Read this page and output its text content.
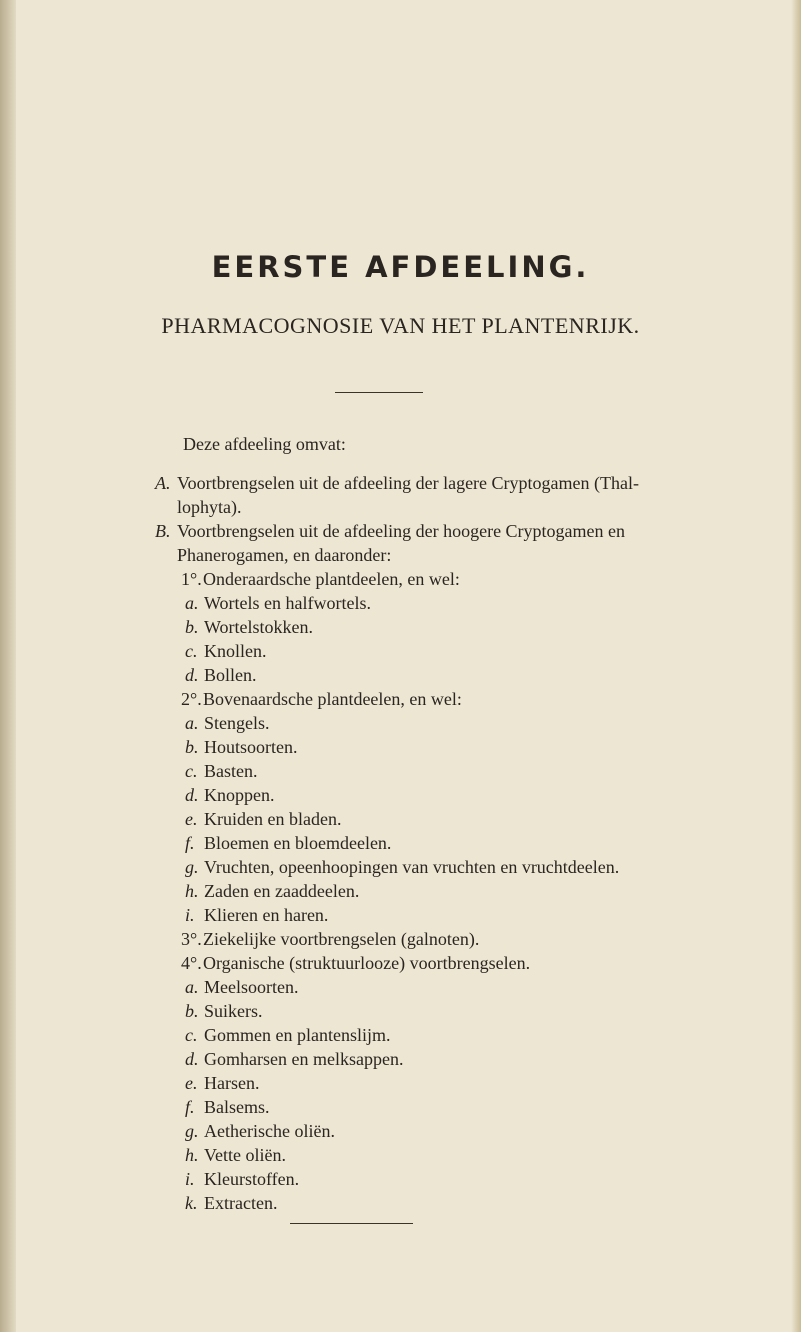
EERSTE AFDEELING.
PHARMACOGNOSIE VAN HET PLANTENRIJK.
Deze afdeeling omvat:
A. Voortbrengselen uit de afdeeling der lagere Cryptogamen (Thal-
lophyta).
B. Voortbrengselen uit de afdeeling der hoogere Cryptogamen en
Phanerogamen, en daaronder:
1°.Onderaardsche plantdeelen, en wel:
a. Wortels en halfwortels.
b. Wortelstokken.
c. Knollen.
d. Bollen.
2°.Bovenaardsche plantdeelen, en wel:
a. Stengels.
b. Houtsoorten.
c. Basten.
d. Knoppen.
e. Kruiden en bladen.
f. Bloemen en bloemdeelen.
g. Vruchten, opeenhoopingen van vruchten en vruchtdeelen.
h. Zaden en zaaddeelen.
i. Klieren en haren.
3°.Ziekelijke voortbrengselen (galnoten).
4°.Organische (struktuurlooze) voortbrengselen.
a. Meelsoorten.
b. Suikers.
c. Gommen en plantenslijm.
d. Gomharsen en melksappen.
e. Harsen.
f. Balsems.
g. Aetherische oliën.
h. Vette oliën.
i. Kleurstoffen.
k. Extracten.
